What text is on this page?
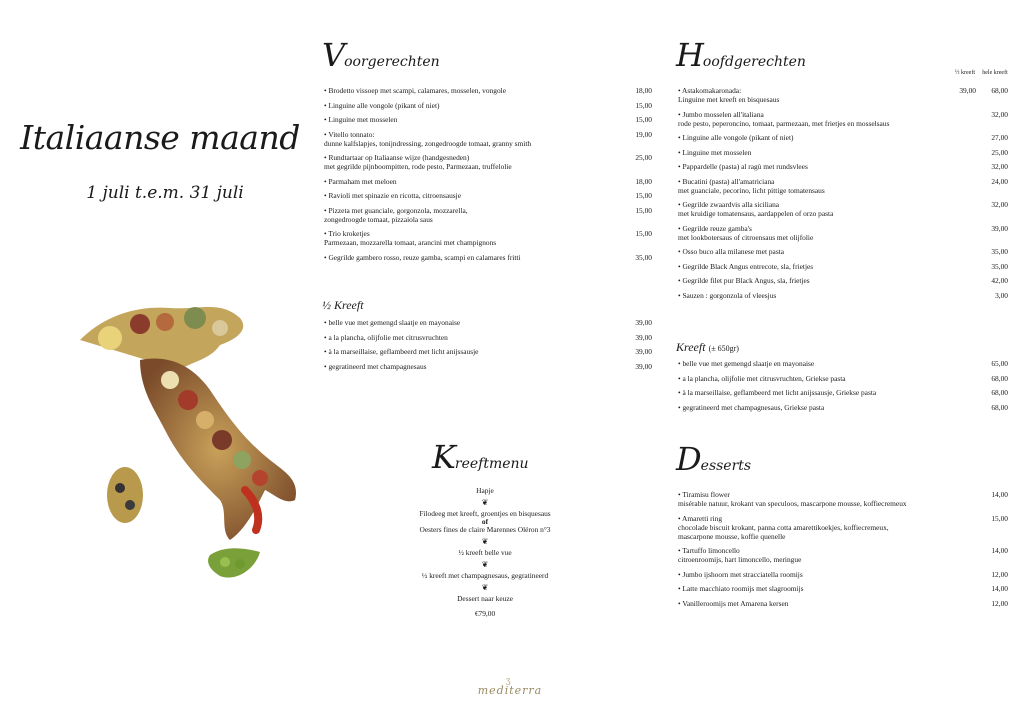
Italiaanse maand
1 juli t.e.m. 31 juli
Voorgerechten
• Brodetto vissoep met scampi, calamares, mosselen, vongole	18,00
• Linguine alle vongole (pikant of niet)	15,00
• Linguine met mosselen	15,00
• Vitello tonnato:
dunne kalfslapjes, tonijndressing, zongedroogde tomaat, granny smith
19,00
• Rundtartaar op Italiaanse wijze (handgesneden)
met gegrilde pijnboompitten, rode pesto, Parmezaan, truffelolie
25,00
• Parmaham met meloen	18,00
• Ravioli met spinazie en ricotta, citroensausje	15,00
• Pizzeta met guanciale, gorgonzola, mozzarella,
zongedroogde tomaat, pizzaiola saus
15,00
• Trio kroketjes
Parmezaan, mozzarella tomaat, arancini met champignons
15,00
• Gegrilde gambero rosso, reuze gamba, scampi en calamares fritti	35,00
½ Kreeft
• belle vue met gemengd slaatje en mayonaise	39,00
• a la plancha, olijfolie met citrusvruchten	39,00
• à la marseillaise, geflambeerd met licht anijssausje	39,00
• gegratineerd met champagnesaus	39,00
Kreeftmenu
Hapje
❦
Filodeeg met kreeft, groentjes en bisquesaus
of
Oesters fines de claire Marennes Oléron n°3
❦
½ kreeft belle vue
❦
½ kreeft met champagnesaus, gegratineerd
❦
Dessert naar keuze
€79,00
Hoofdgerechten
½ kreeft	hele kreeft
• Astakomakaronada:
Linguine met kreeft en bisquesaus
39,00 68,00
• Jumbo mosselen all'italiana
rode pesto, peperoncino, tomaat, parmezaan, met frietjes en mosselsaus
32,00
• Linguine alle vongole (pikant of niet)	27,00
• Linguine met mosselen	25,00
• Pappardelle (pasta) al ragù met rundsvlees	32,00
• Bucatini (pasta) all'amatriciana
met guanciale, pecorino, licht pittige tomatensaus
24,00
• Gegrilde zwaardvis alla siciliana
met kruidige tomatensaus, aardappelen of orzo pasta
32,00
• Gegrilde reuze gamba's
met lookbotersaus of citroensaus met olijfolie
39,00
• Osso buco alla milanese met pasta	35,00
• Gegrilde Black Angus entrecote, sla, frietjes	35,00
• Gegrilde filet pur Black Angus, sla, frietjes	42,00
• Sauzen : gorgonzola of vleesjus	3,00
Kreeft (± 650gr)
• belle vue met gemengd slaatje en mayonaise	65,00
• a la plancha, olijfolie met citrusvruchten, Griekse pasta	68,00
• à la marseillaise, geflambeerd met licht anijssausje, Griekse pasta	68,00
• gegratineerd met champagnesaus, Griekse pasta	68,00
Desserts
• Tiramisu flower
misérable natuur, krokant van speculoos, mascarpone mousse, koffiecremeux
14,00
• Amaretti ring
chocolade biscuit krokant, panna cotta amarettikoekjes, koffiecremeux,
mascarpone mousse, koffie quenelle
15,00
• Tartuffo limoncello
citroenroomijs, hart limoncello, meringue
14,00
• Jumbo ijshoorn met stracciatella roomijs	12,00
• Latte macchiato roomijs met slagroomijs	14,00
• Vanilleroomijs met Amarena kersen	12,00
ʒ
mediterra
